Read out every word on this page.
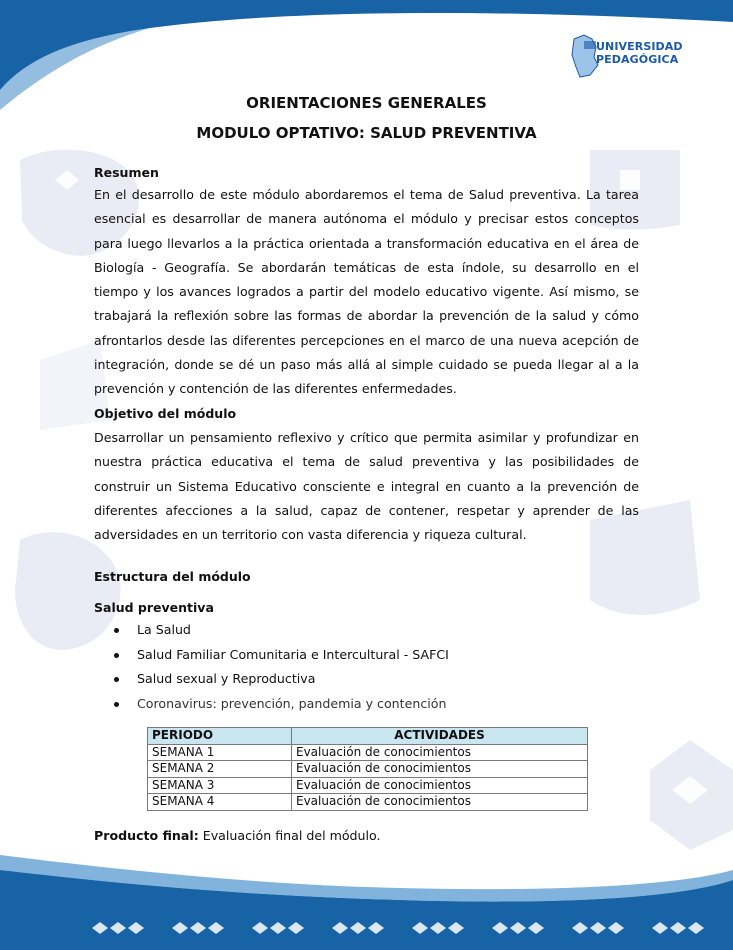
UNIVERSIDAD
PEDAGÓGICA
ORIENTACIONES GENERALES
MODULO OPTATIVO: SALUD PREVENTIVA
Resumen

En el desarrollo de este módulo abordaremos el tema de Salud preventiva. La tarea esencial es desarrollar de manera autónoma el módulo y precisar estos conceptos para luego llevarlos a la práctica orientada a transformación educativa en el área de Biología - Geografía. Se abordarán temáticas de esta índole, su desarrollo en el tiempo y los avances logrados a partir del modelo educativo vigente. Así mismo, se trabajará la reflexión sobre las formas de abordar la prevención de la salud y cómo afrontarlos desde las diferentes percepciones en el marco de una nueva acepción de integración, donde se dé un paso más allá al simple cuidado se pueda llegar al a la prevención y contención de las diferentes enfermedades.

Objetivo del módulo

Desarrollar un pensamiento reflexivo y crítico que permita asimilar y profundizar en nuestra práctica educativa el tema de salud preventiva y las posibilidades de construir un Sistema Educativo consciente e integral en cuanto a la prevención de diferentes afecciones a la salud, capaz de contener, respetar y aprender de las adversidades en un territorio con vasta diferencia y riqueza cultural.

Estructura del módulo
Salud preventiva
La Salud
Salud Familiar Comunitaria e Intercultural - SAFCI
Salud sexual y Reproductiva
Coronavirus: prevención, pandemia y contención
PERIODO	ACTIVIDADES
SEMANA 1	Evaluación de conocimientos
SEMANA 2	Evaluación de conocimientos
SEMANA 3	Evaluación de conocimientos
SEMANA 4	Evaluación de conocimientos

Producto final: Evaluación final del módulo.
